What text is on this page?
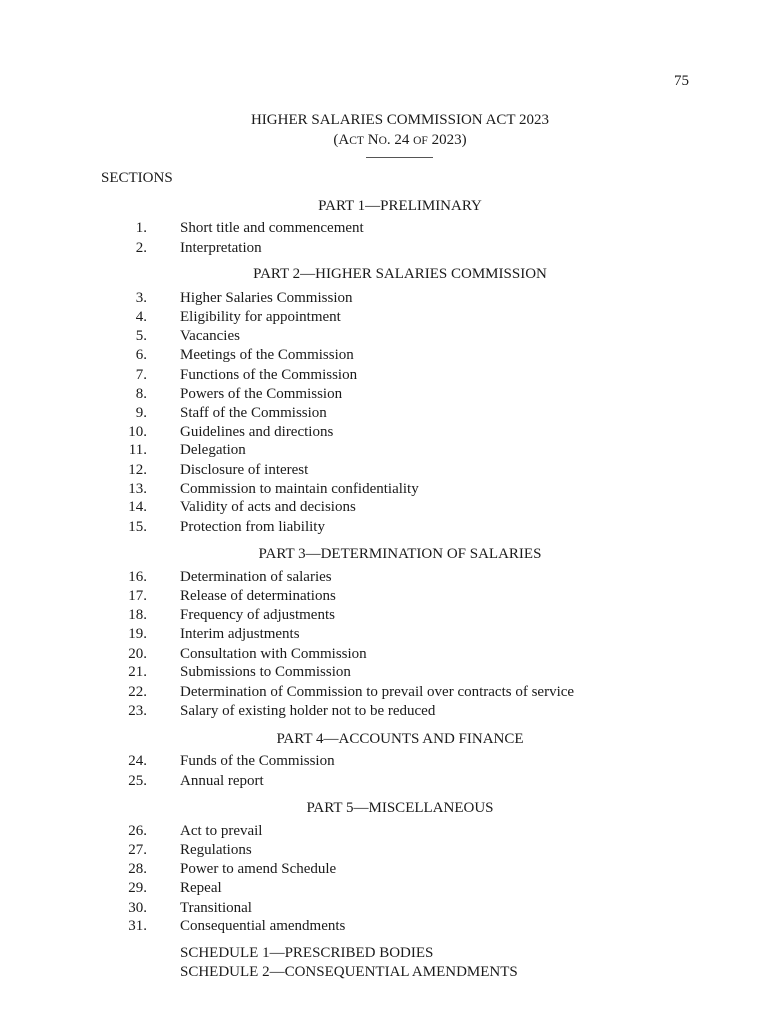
75
HIGHER SALARIES COMMISSION ACT 2023
(ACT NO. 24 OF 2023)
SECTIONS
PART 1—PRELIMINARY
1. Short title and commencement
2. Interpretation
PART 2—HIGHER SALARIES COMMISSION
3. Higher Salaries Commission
4. Eligibility for appointment
5. Vacancies
6. Meetings of the Commission
7. Functions of the Commission
8. Powers of the Commission
9. Staff of the Commission
10. Guidelines and directions
11. Delegation
12. Disclosure of interest
13. Commission to maintain confidentiality
14. Validity of acts and decisions
15. Protection from liability
PART 3—DETERMINATION OF SALARIES
16. Determination of salaries
17. Release of determinations
18. Frequency of adjustments
19. Interim adjustments
20. Consultation with Commission
21. Submissions to Commission
22. Determination of Commission to prevail over contracts of service
23. Salary of existing holder not to be reduced
PART 4—ACCOUNTS AND FINANCE
24. Funds of the Commission
25. Annual report
PART 5—MISCELLANEOUS
26. Act to prevail
27. Regulations
28. Power to amend Schedule
29. Repeal
30. Transitional
31. Consequential amendments
SCHEDULE 1—PRESCRIBED BODIES
SCHEDULE 2—CONSEQUENTIAL AMENDMENTS
